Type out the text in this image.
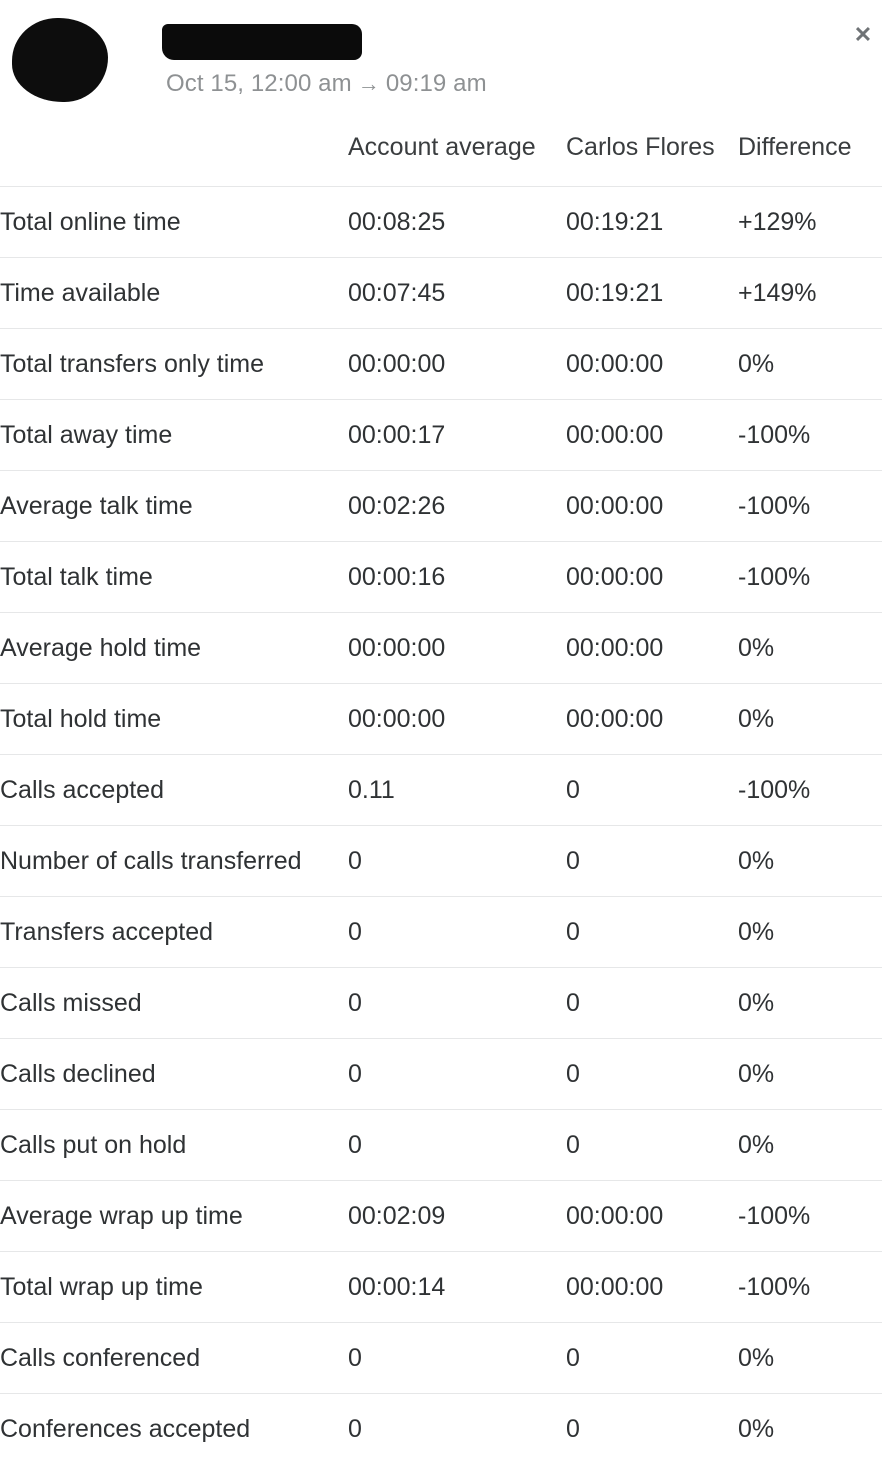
Oct 15, 12:00 am → 09:19 am
✕
	Account average	Carlos Flores	Difference
Total online time	00:08:25	00:19:21	+129%
Time available	00:07:45	00:19:21	+149%
Total transfers only time	00:00:00	00:00:00	0%
Total away time	00:00:17	00:00:00	-100%
Average talk time	00:02:26	00:00:00	-100%
Total talk time	00:00:16	00:00:00	-100%
Average hold time	00:00:00	00:00:00	0%
Total hold time	00:00:00	00:00:00	0%
Calls accepted	0.11	0	-100%
Number of calls transferred	0	0	0%
Transfers accepted	0	0	0%
Calls missed	0	0	0%
Calls declined	0	0	0%
Calls put on hold	0	0	0%
Average wrap up time	00:02:09	00:00:00	-100%
Total wrap up time	00:00:14	00:00:00	-100%
Calls conferenced	0	0	0%
Conferences accepted	0	0	0%
